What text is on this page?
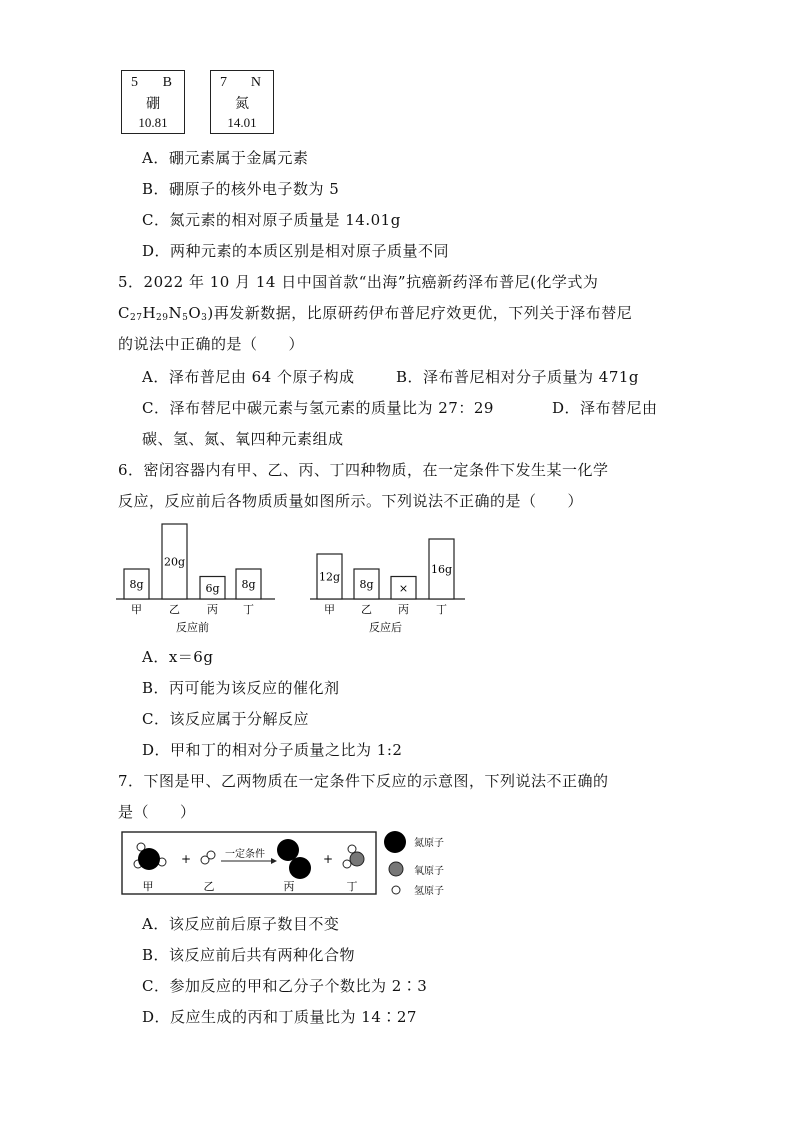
5 B
硼
10.81
7 N
氮
14.01
A．硼元素属于金属元素
B．硼原子的核外电子数为 5
C．氮元素的相对原子质量是 14.01g
D．两种元素的本质区别是相对原子质量不同
5．2022 年 10 月 14 日中国首款“出海”抗癌新药泽布普尼(化学式为
$C_{27}H_{29}N_5O_3$)再发新数据，比原研药伊布普尼疗效更优，下列关于泽布替尼
的说法中正确的是（　　）
A．泽布普尼由 64 个原子构成	B．泽布普尼相对分子质量为 471g
C．泽布替尼中碳元素与氢元素的质量比为 27：29	D．泽布替尼由
碳、氢、氮、氧四种元素组成
6．密闭容器内有甲、乙、丙、丁四种物质，在一定条件下发生某一化学
反应，反应前后各物质质量如图所示。下列说法不正确的是（　　）
8g
甲
20g
乙
6g
丙
8g
丁
反应前
12g
甲
8g
乙
×
丙
16g
丁
反应后
A．x＝6g
B．丙可能为该反应的催化剂
C．该反应属于分解反应
D．甲和丁的相对分子质量之比为 1:2
7．下图是甲、乙两物质在一定条件下反应的示意图，下列说法不正确的
是（　　）
甲
+
乙
一定条件
丙
+
丁
氮原子
氧原子
氢原子
A．该反应前后原子数目不变
B．该反应前后共有两种化合物
C．参加反应的甲和乙分子个数比为 2∶3
D．反应生成的丙和丁质量比为 14∶27
